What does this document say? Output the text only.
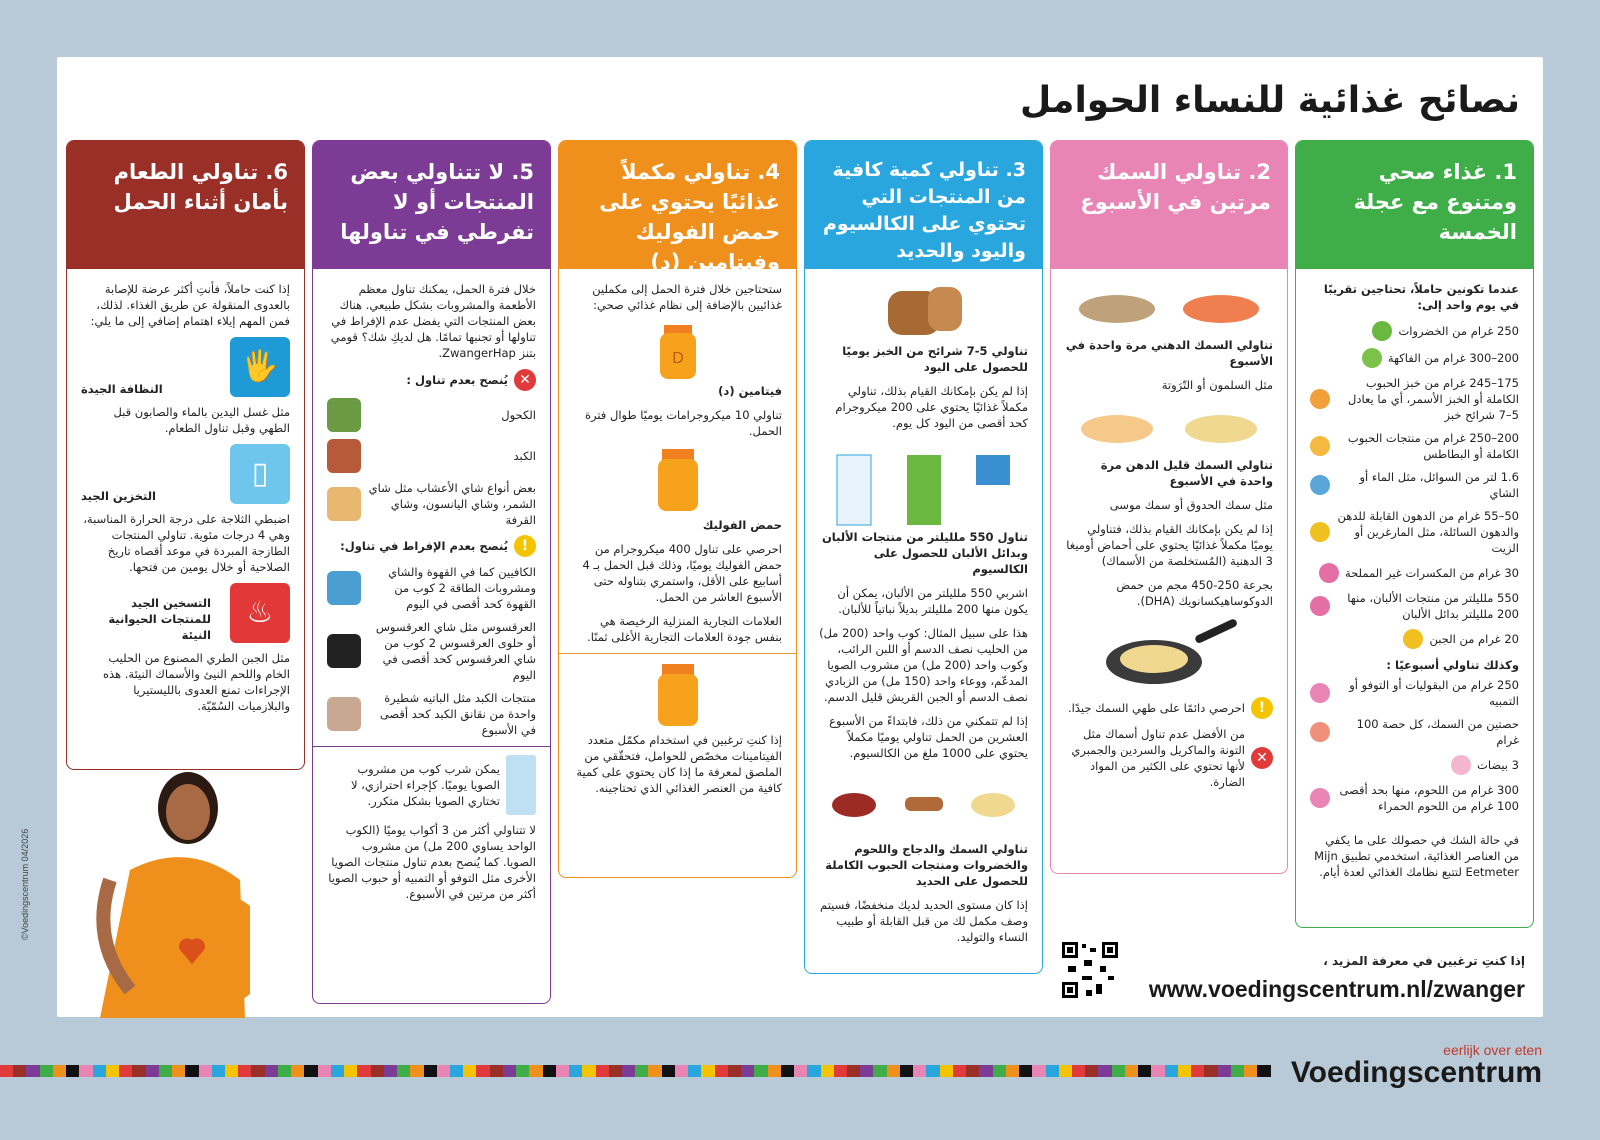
نصائح غذائية للنساء الحوامل
1. غذاء صحي ومتنوع مع عجلة الخمسة

عندما تكونين حاملاً، تحتاجين تقريبًا في يوم واحد إلى:

250 غرام من الخضروات
200–300 غرام من الفاكهة
175–245 غرام من خبز الحبوب الكاملة أو الخبز الأسمر، أي ما يعادل 5–7 شرائح خبز
200–250 غرام من منتجات الحبوب الكاملة أو البطاطس
1.6 لتر من السوائل، مثل الماء أو الشاي
50–55 غرام من الدهون القابلة للدهن والدهون السائلة، مثل المارغرين أو الزيت
30 غرام من المكسرات غير المملحة
550 ملليلتر من منتجات الألبان، منها 200 ملليلتر بدائل الألبان
20 غرام من الجبن

وكذلك تناولي أسبوعيًا :

250 غرام من البقوليات أو التوفو أو التمبيه
حصتين من السمك، كل حصة 100 غرام
3 بيضات
300 غرام من اللحوم، منها بحد أقصى 100 غرام من اللحوم الحمراء

في حالة الشك في حصولك على ما يكفي من العناصر الغذائية، استخدمي تطبيق Mijn Eetmeter لتتبع نظامك الغذائي لعدة أيام.

2. تناولي السمك مرتين في الأسبوع

تناولي السمك الدهني مرة واحدة في الأسبوع

مثل السلمون أو التّرَوتة

تناولي السمك قليل الدهن مرة واحدة في الأسبوع

مثل سمك الحدوق أو سمك موسى

إذا لم يكن بإمكانك القيام بذلك، فتناولي يوميًا مكملاً غذائيًا يحتوي على أحماض أوميغا 3 الدهنية (المُستخلصة من الأسماك)

بجرعة 250-450 مجم من حمض الدوكوساهيكسانويك (DHA).

!
احرصي دائمًا على طهي السمك جيدًا.
✕
من الأفضل عدم تناول أسماك مثل التونة والماكريل والسردين والجمبري لأنها تحتوي على الكثير من المواد الضارة.
3. تناولي كمية كافية من المنتجات التي تحتوي على الكالسيوم واليود والحديد

تناولي 5-7 شرائح من الخبز يوميًا للحصول على اليود

إذا لم يكن بإمكانك القيام بذلك، تناولي مكملاً غذائيًا يحتوي على 200 ميكروجرام كحد أقصى من اليود كل يوم.

تناول 550 ملليلتر من منتجات الألبان وبدائل الألبان للحصول على الكالسيوم

اشربي 550 ملليلتر من الألبان، يمكن أن يكون منها 200 ملليلتر بديلاً نباتياً للألبان.

هذا على سبيل المثال: كوب واحد (200 مل) من الحليب نصف الدسم أو اللبن الرائب، وكوب واحد (200 مل) من مشروب الصويا المدعّم، ووعاء واحد (150 مل) من الزبادي نصف الدسم أو الجبن القريش قليل الدسم.

إذا لم تتمكني من ذلك، فابتداءً من الأسبوع العشرين من الحمل تناولي يوميًا مكملاً يحتوي على 1000 ملغ من الكالسيوم.

تناولي السمك والدجاج واللحوم والخضروات ومنتجات الحبوب الكاملة للحصول على الحديد

إذا كان مستوى الحديد لديك منخفضًا، فسيتم وصف مكمل لك من قبل القابلة أو طبيب النساء والتوليد.

4. تناولي مكملاً غذائيًا يحتوي على حمض الفوليك وفيتامين (د)

ستحتاجين خلال فترة الحمل إلى مكملين غذائيين بالإضافة إلى نظام غذائي صحي:

D

فيتامين (د)

تناولي 10 ميكروجرامات يوميًا طوال فترة الحمل.

حمض الفوليك

احرصي على تناول 400 ميكروجرام من حمض الفوليك يوميًا، وذلك قبل الحمل بـ 4 أسابيع على الأقل، واستمري بتناوله حتى الأسبوع العاشر من الحمل.

العلامات التجارية المنزلية الرخيصة هي بنفس جودة العلامات التجارية الأغلى ثمنًا.

إذا كنتِ ترغبين في استخدام مكمّل متعدد الفيتامينات مخصّص للحوامل، فتحقّقي من الملصق لمعرفة ما إذا كان يحتوي على كمية كافية من العنصر الغذائي الذي تحتاجينه.

5. لا تتناولي بعض المنتجات أو لا تفرطي في تناولها

خلال فترة الحمل، يمكنك تناول معظم الأطعمة والمشروبات بشكل طبيعي. هناك بعض المنتجات التي يفضل عدم الإفراط في تناولها أو تجنبها تمامًا. هل لديكِ شك؟ قومي بتنز ZwangerHap.

✕
يُنصح بعدم تناول :
الكحول
الكبد
بعض أنواع شاي الأعشاب مثل شاي الشمر، وشاي اليانسون، وشاي القرفة
!
يُنصح بعدم الإفراط في تناول:
الكافيين كما في القهوة والشاي ومشروبات الطاقة 2 كوب من القهوة كحد أقصى في اليوم
العرقسوس مثل شاي العرقسوس أو حلوى العرقسوس 2 كوب من شاي العرقسوس كحد أقصى في اليوم
منتجات الكبد مثل الباتيه شطيرة واحدة من نقانق الكبد كحد أقصى في الأسبوع
يمكن شرب كوب من مشروب الصويا يوميًا. كإجراء احترازي، لا تختاري الصويا بشكل متكرر.

لا تتناولي أكثر من 3 أكواب يوميًا (الكوب الواحد يساوي 200 مل) من مشروب الصويا. كما يُنصح بعدم تناول منتجات الصويا الأخرى مثل التوفو أو التمبيه أو حبوب الصويا أكثر من مرتين في الأسبوع.

6. تناولي الطعام بأمان أثناء الحمل

إذا كنت حاملاً، فأنتِ أكثر عرضة للإصابة بالعدوى المنقولة عن طريق الغذاء. لذلك، فمن المهم إيلاء اهتمام إضافي إلى ما يلي:

🖐
النظافة الجيدة

مثل غسل اليدين بالماء والصابون قبل الطهي وقبل تناول الطعام.

▯
التخزين الجيد

اضبطي الثلاجة على درجة الحرارة المناسبة، وهي 4 درجات مئوية. تناولي المنتجات الطازجة المبردة في موعد أقصاه تاريخ الصلاحية أو خلال يومين من فتحها.

♨
التسخين الجيد للمنتجات الحيوانية النيئة

مثل الجبن الطري المصنوع من الحليب الخام واللحم النيئ والأسماك النيئة. هذه الإجراءات تمنع العدوى بالليستيريا والبلازميات السُمّيّة.

©Voedingscentrum 04/2026
إذا كنتِ ترغبين في معرفة المزيد ،
www.voedingscentrum.nl/zwanger
eerlijk over eten
Voedingscentrum
